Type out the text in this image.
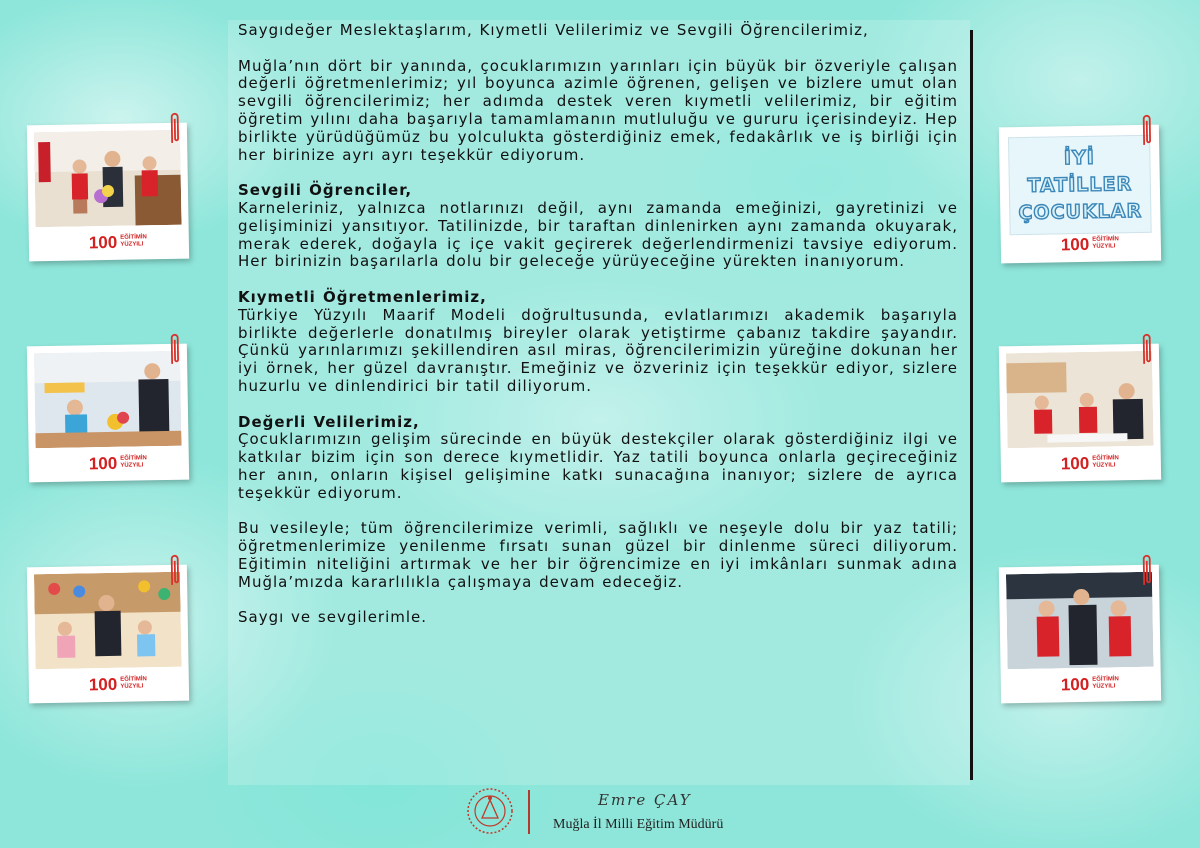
Saygıdeğer Meslektaşlarım, Kıymetli Velilerimiz ve Sevgili Öğrencilerimiz,

Muğla’nın dört bir yanında, çocuklarımızın yarınları için büyük bir özveriyle çalışan değerli öğretmenlerimiz; yıl boyunca azimle öğrenen, gelişen ve bizlere umut olan sevgili öğrencilerimiz; her adımda destek veren kıymetli velilerimiz, bir eğitim öğretim yılını daha başarıyla tamamlamanın mutluluğu ve gururu içerisindeyiz. Hep birlikte yürüdüğümüz bu yolculukta gösterdiğiniz emek, fedakârlık ve iş birliği için her birinize ayrı ayrı teşekkür ediyorum.

Sevgili Öğrenciler,
Karneleriniz, yalnızca notlarınızı değil, aynı zamanda emeğinizi, gayretinizi ve gelişiminizi yansıtıyor. Tatilinizde, bir taraftan dinlenirken aynı zamanda okuyarak, merak ederek, doğayla iç içe vakit geçirerek değerlendirmenizi tavsiye ediyorum. Her birinizin başarılarla dolu bir geleceğe yürüyeceğine yürekten inanıyorum.

Kıymetli Öğretmenlerimiz,
Türkiye Yüzyılı Maarif Modeli doğrultusunda, evlatlarımızı akademik başarıyla birlikte değerlerle donatılmış bireyler olarak yetiştirme çabanız takdire şayandır. Çünkü yarınlarımızı şekillendiren asıl miras, öğrencilerimizin yüreğine dokunan her iyi örnek, her güzel davranıştır. Emeğiniz ve özveriniz için teşekkür ediyor, sizlere huzurlu ve dinlendirici bir tatil diliyorum.

Değerli Velilerimiz,
Çocuklarımızın gelişim sürecinde en büyük destekçiler olarak gösterdiğiniz ilgi ve katkılar bizim için son derece kıymetlidir. Yaz tatili boyunca onlarla geçireceğiniz her anın, onların kişisel gelişimine katkı sunacağına inanıyor; sizlere de ayrıca teşekkür ediyorum.

Bu vesileyle; tüm öğrencilerimize verimli, sağlıklı ve neşeyle dolu bir yaz tatili; öğretmenlerimize yenilenme fırsatı sunan güzel bir dinlenme süreci diliyorum. Eğitimin niteliğini artırmak ve her bir öğrencimize en iyi imkânları sunmak adına Muğla’mızda kararlılıkla çalışmaya devam edeceğiz.

Saygı ve sevgilerimle.

100 EĞİTİMİN
YÜZYILI
100 EĞİTİMİN
YÜZYILI
100 EĞİTİMİN
YÜZYILI
İYİ
TATİLLER
ÇOCUKLAR
100 EĞİTİMİN
YÜZYILI
100 EĞİTİMİN
YÜZYILI
100 EĞİTİMİN
YÜZYILI
Emre ÇAY
Muğla İl Milli Eğitim Müdürü
